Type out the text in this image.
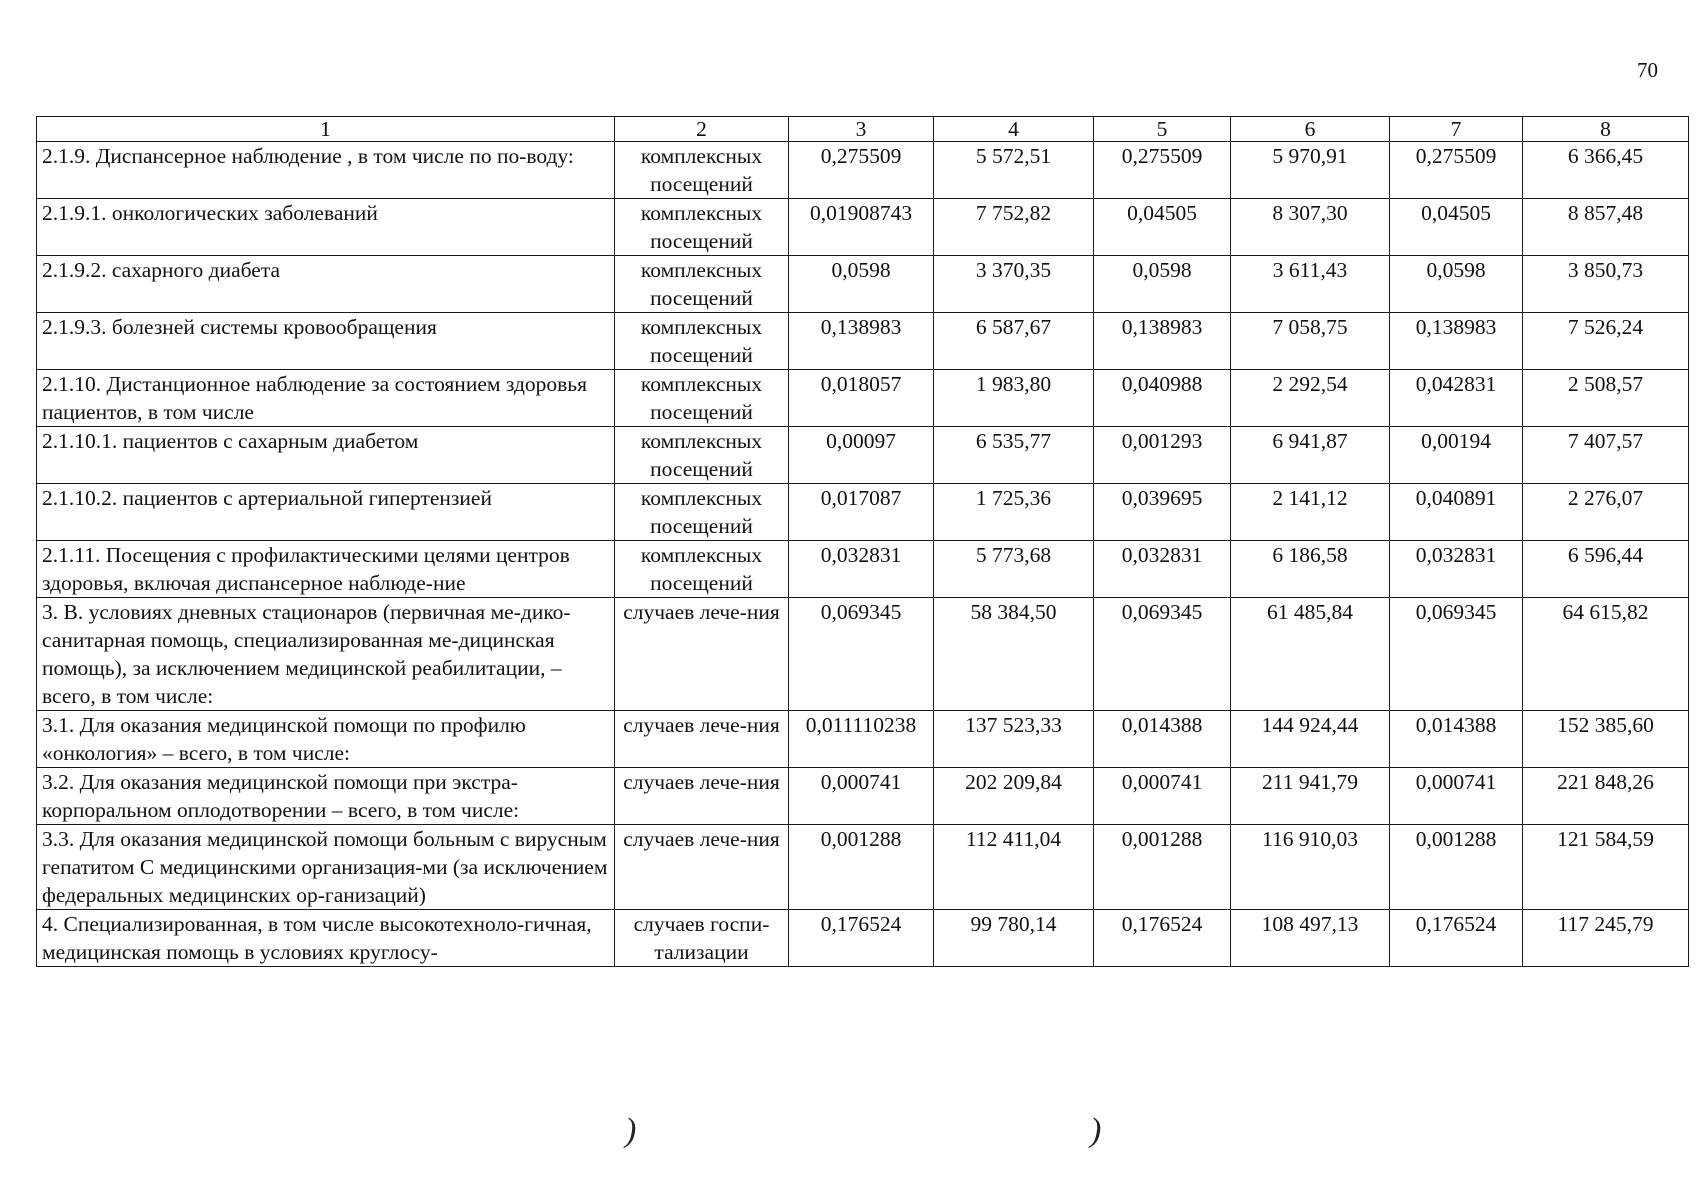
70
1	2	3	4	5	6	7	8
2.1.9. Диспансерное наблюдение , в том числе по по-воду:	комплексных посещений	0,275509	5 572,51	0,275509	5 970,91	0,275509	6 366,45
2.1.9.1. онкологических заболеваний	комплексных посещений	0,01908743	7 752,82	0,04505	8 307,30	0,04505	8 857,48
2.1.9.2. сахарного диабета	комплексных посещений	0,0598	3 370,35	0,0598	3 611,43	0,0598	3 850,73
2.1.9.3. болезней системы кровообращения	комплексных посещений	0,138983	6 587,67	0,138983	7 058,75	0,138983	7 526,24
2.1.10. Дистанционное наблюдение за состоянием здоровья пациентов, в том числе	комплексных посещений	0,018057	1 983,80	0,040988	2 292,54	0,042831	2 508,57
2.1.10.1. пациентов с сахарным диабетом	комплексных посещений	0,00097	6 535,77	0,001293	6 941,87	0,00194	7 407,57
2.1.10.2. пациентов с артериальной гипертензией	комплексных посещений	0,017087	1 725,36	0,039695	2 141,12	0,040891	2 276,07
2.1.11. Посещения с профилактическими целями центров здоровья, включая диспансерное наблюде-ние	комплексных посещений	0,032831	5 773,68	0,032831	6 186,58	0,032831	6 596,44
3. В. условиях дневных стационаров (первичная ме-дико-санитарная помощь, специализированная ме-дицинская помощь), за исключением медицинской реабилитации, – всего, в том числе:	случаев лече-ния	0,069345	58 384,50	0,069345	61 485,84	0,069345	64 615,82
3.1. Для оказания медицинской помощи по профилю «онкология» – всего, в том числе:	случаев лече-ния	0,011110238	137 523,33	0,014388	144 924,44	0,014388	152 385,60
3.2. Для оказания медицинской помощи при экстра-корпоральном оплодотворении – всего, в том числе:	случаев лече-ния	0,000741	202 209,84	0,000741	211 941,79	0,000741	221 848,26
3.3. Для оказания медицинской помощи больным с вирусным гепатитом С медицинскими организация-ми (за исключением федеральных медицинских ор-ганизаций)	случаев лече-ния	0,001288	112 411,04	0,001288	116 910,03	0,001288	121 584,59
4. Специализированная, в том числе высокотехноло-гичная, медицинская помощь в условиях круглосу-	случаев госпи-тализации	0,176524	99 780,14	0,176524	108 497,13	0,176524	117 245,79
)	)
